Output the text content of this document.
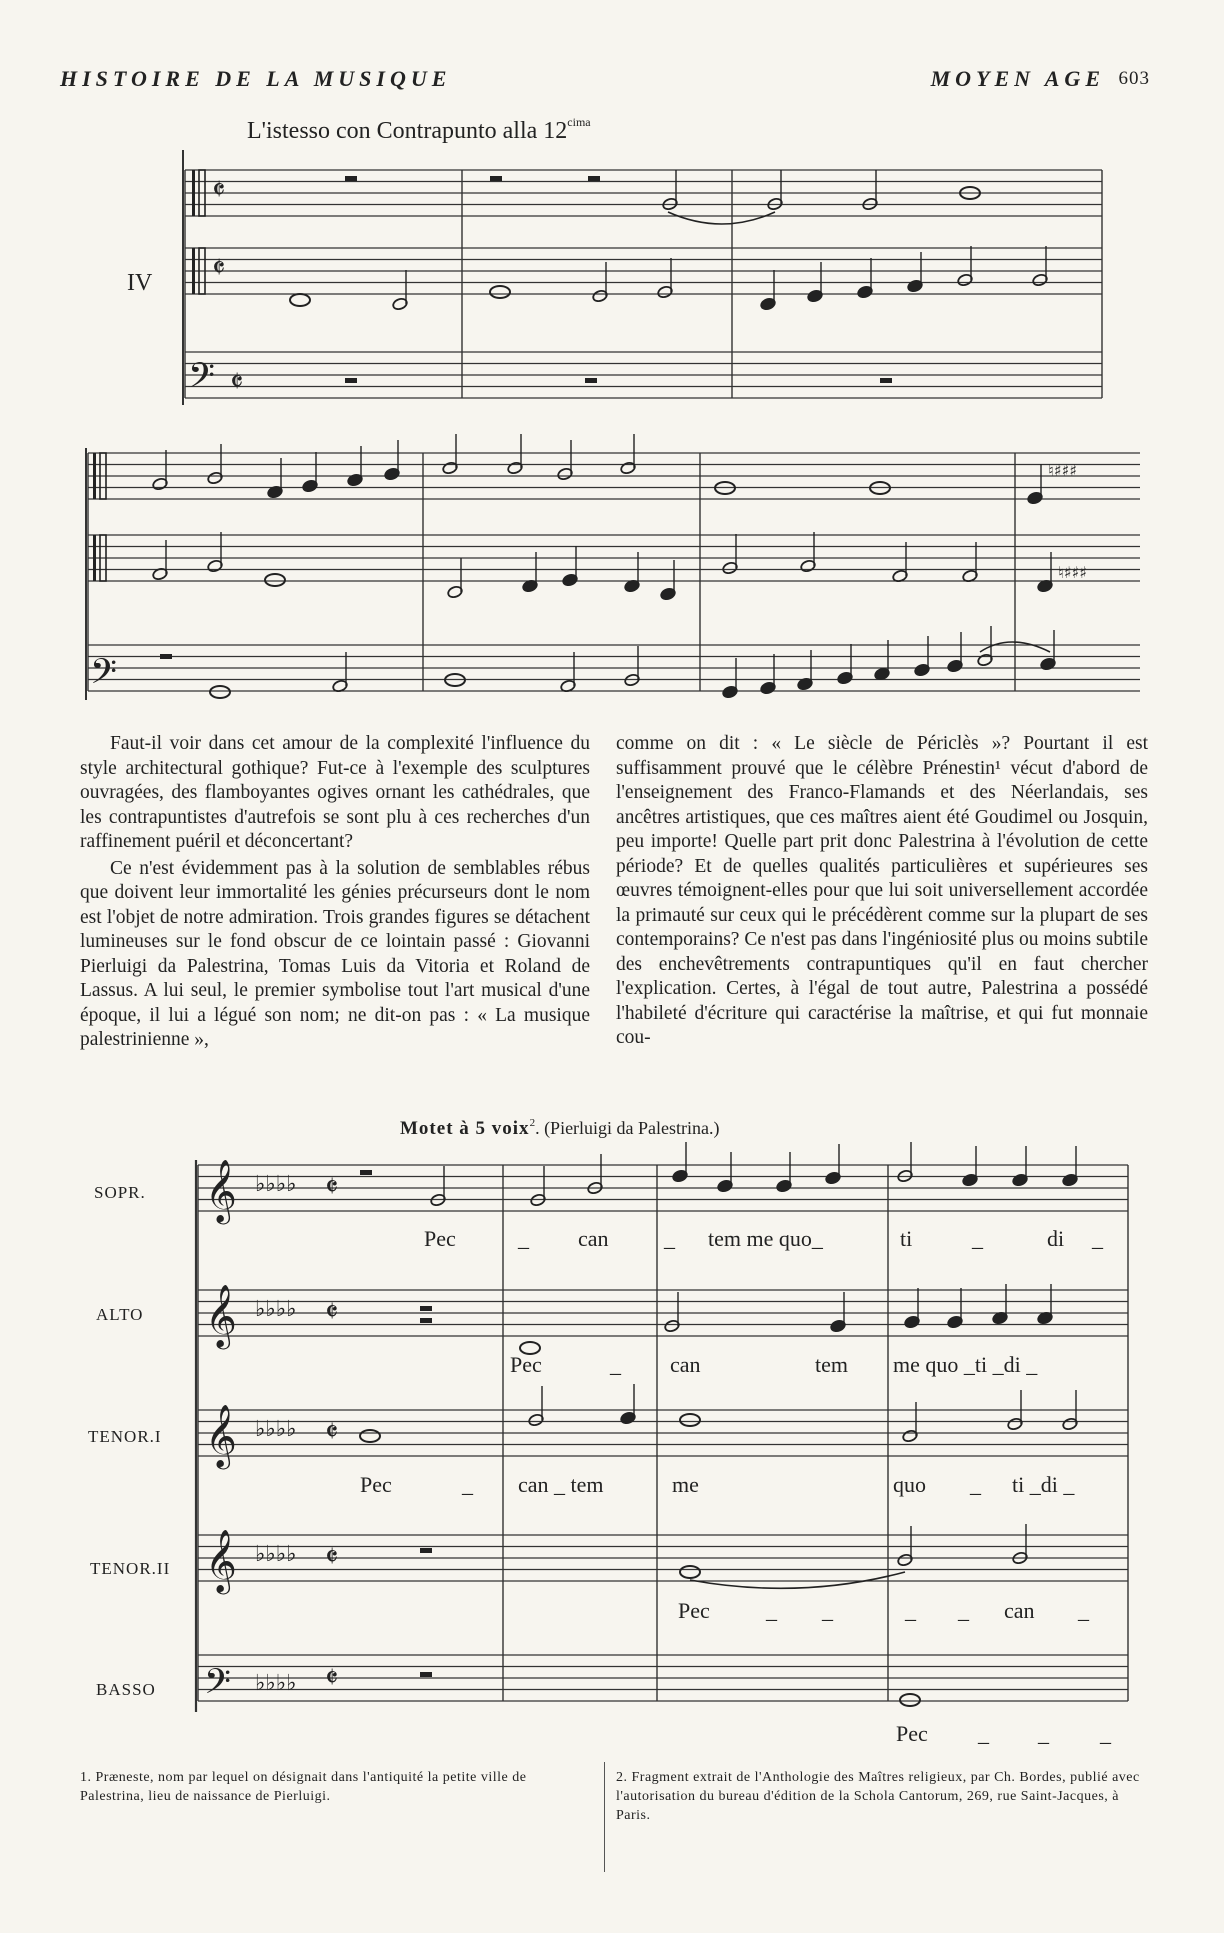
HISTOIRE DE LA MUSIQUE	MOYEN AGE 603
L'istesso con Contrapunto alla $12^{cima}$
𝄵
𝄵
𝄢 𝄵
𝄢
♮♯♯♯
♮♯♯♯
𝄞 ♭♭♭♭ 𝄵
𝄞 ♭♭♭♭ 𝄵
𝄞 ♭♭♭♭ 𝄵
𝄞 ♭♭♭♭ 𝄵
𝄢 ♭♭♭♭ 𝄵
IV

Faut-il voir dans cet amour de la complexité l'influence du style architectural gothique? Fut-ce à l'exemple des sculptures ouvragées, des flamboyantes ogives ornant les cathédrales, que les contrapuntistes d'autrefois se sont plu à ces recherches d'un raffinement puéril et déconcertant?

Ce n'est évidemment pas à la solution de semblables rébus que doivent leur immortalité les génies précurseurs dont le nom est l'objet de notre admiration. Trois grandes figures se détachent lumineuses sur le fond obscur de ce lointain passé : Giovanni Pierluigi da Palestrina, Tomas Luis da Vitoria et Roland de Lassus. A lui seul, le premier symbolise tout l'art musical d'une époque, il lui a légué son nom; ne dit-on pas : « La musique palestrinienne »,

comme on dit : « Le siècle de Périclès »? Pourtant il est suffisamment prouvé que le célèbre Prénestin¹ vécut d'abord de l'enseignement des Franco-Flamands et des Néerlandais, ses ancêtres artistiques, que ces maîtres aient été Goudimel ou Josquin, peu importe! Quelle part prit donc Palestrina à l'évolution de cette période? Et de quelles qualités particulières et supérieures ses œuvres témoignent-elles pour que lui soit universellement accordée la primauté sur ceux qui le précédèrent comme sur la plupart de ses contemporains? Ce n'est pas dans l'ingéniosité plus ou moins subtile des enchevêtrements contrapuntiques qu'il en faut chercher l'explication. Certes, à l'égal de tout autre, Palestrina a possédé l'habileté d'écriture qui caractérise la maîtrise, et qui fut monnaie cou-

Motet à 5 voix$^2$. (Pierluigi da Palestrina.)
SOPR.
ALTO
TENOR.I
TENOR.II
BASSO
Pec	_ can	_ tem me quo_	ti	_	di _
Pec	_ can	tem me quo _ti _di _
Pec	_ can _ tem	me	quo _ ti _di _
Pec	_ _	_ _ can _
Pec _ _ _
1. Præneste, nom par lequel on désignait dans l'antiquité la petite ville de Palestrina, lieu de naissance de Pierluigi.
2. Fragment extrait de l'Anthologie des Maîtres religieux, par Ch. Bordes, publié avec l'autorisation du bureau d'édition de la Schola Cantorum, 269, rue Saint-Jacques, à Paris.
